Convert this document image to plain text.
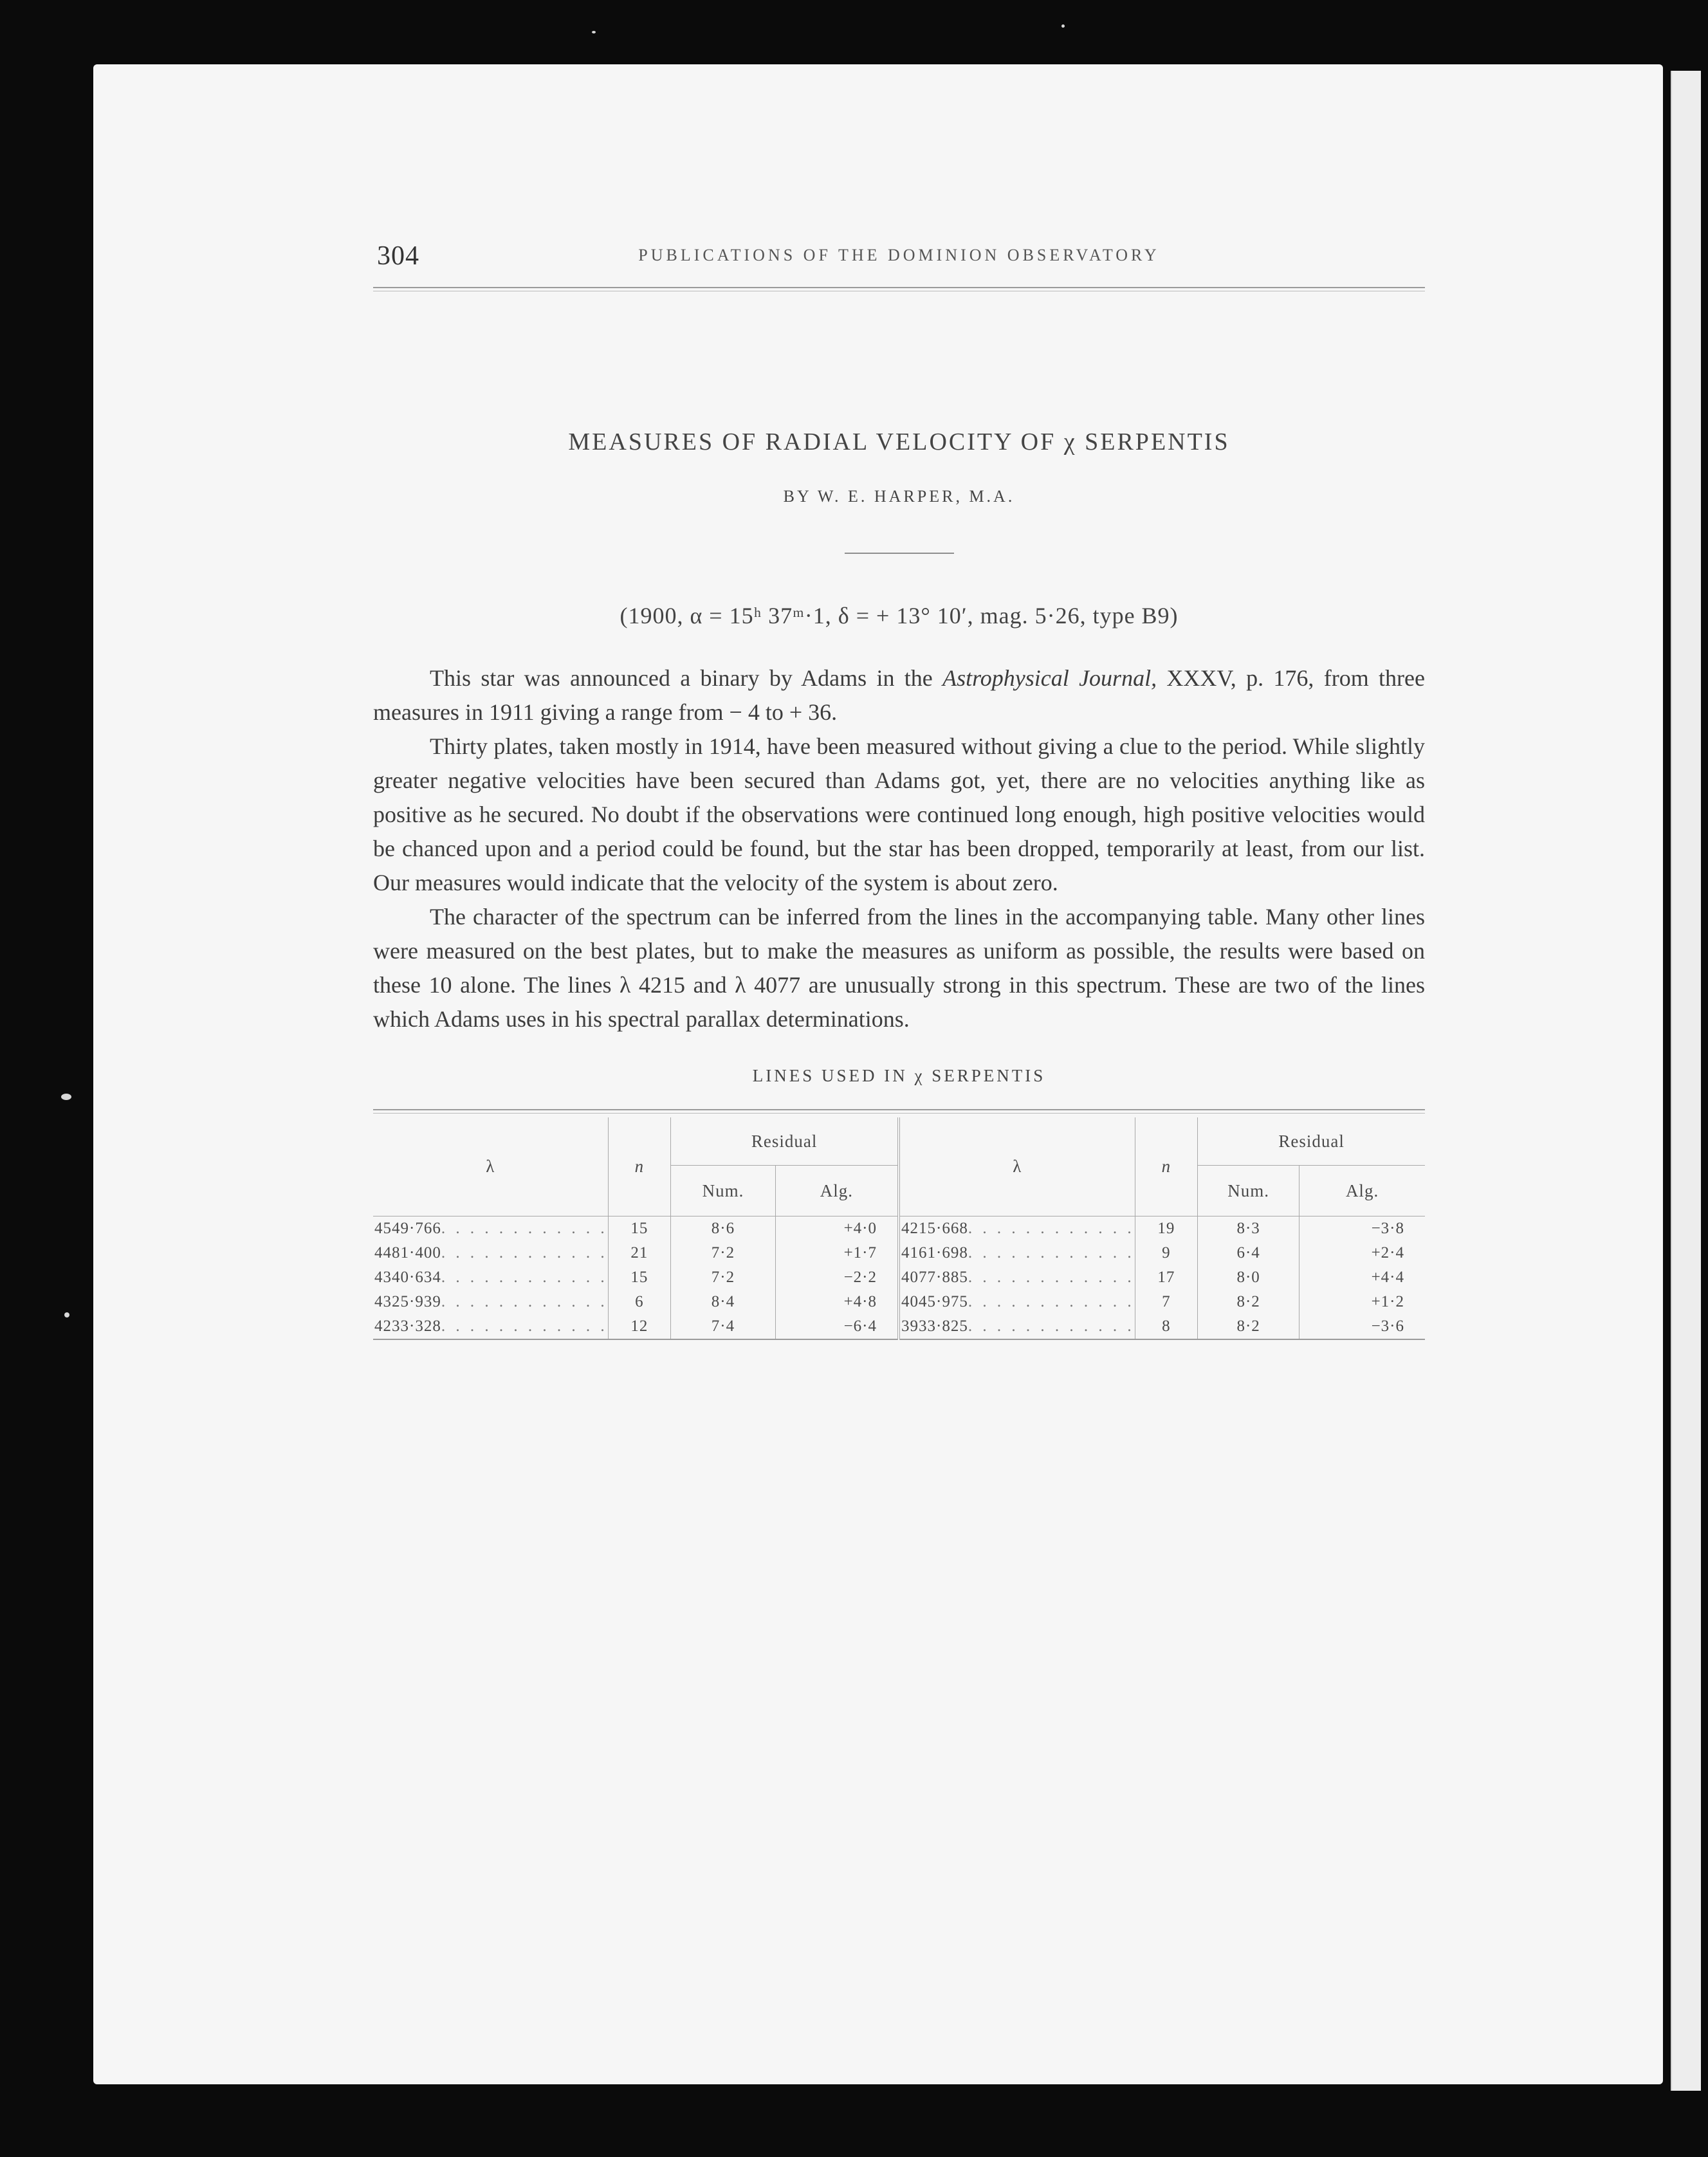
304	PUBLICATIONS OF THE DOMINION OBSERVATORY
MEASURES OF RADIAL VELOCITY OF χ SERPENTIS
BY W. E. HARPER, M.A.
(1900, α = 15ʰ 37ᵐ·1, δ = + 13° 10′, mag. 5·26, type B9)

This star was announced a binary by Adams in the Astrophysical Journal, XXXV, p. 176, from three measures in 1911 giving a range from − 4 to + 36.

Thirty plates, taken mostly in 1914, have been measured without giving a clue to the period. While slightly greater negative velocities have been secured than Adams got, yet, there are no velocities anything like as positive as he secured. No doubt if the observations were continued long enough, high positive velocities would be chanced upon and a period could be found, but the star has been dropped, temporarily at least, from our list. Our measures would indicate that the velocity of the system is about zero.

The character of the spectrum can be inferred from the lines in the accompanying table. Many other lines were measured on the best plates, but to make the measures as uniform as possible, the results were based on these 10 alone. The lines λ 4215 and λ 4077 are unusually strong in this spectrum. These are two of the lines which Adams uses in his spectral parallax determinations.

LINES USED IN χ SERPENTIS
λ	n	Residual		λ	n	Residual	
		Num.	Alg.			Num.	Alg.
4549·766. . . . . . . . . . . .	15	8·6	+4·0	4215·668. . . . . . . . . . . .	19	8·3	−3·8
4481·400. . . . . . . . . . . .	21	7·2	+1·7	4161·698. . . . . . . . . . . .	9	6·4	+2·4
4340·634. . . . . . . . . . . .	15	7·2	−2·2	4077·885. . . . . . . . . . . .	17	8·0	+4·4
4325·939. . . . . . . . . . . .	6	8·4	+4·8	4045·975. . . . . . . . . . . .	7	8·2	+1·2
4233·328. . . . . . . . . . . .	12	7·4	−6·4	3933·825. . . . . . . . . . . .	8	8·2	−3·6
